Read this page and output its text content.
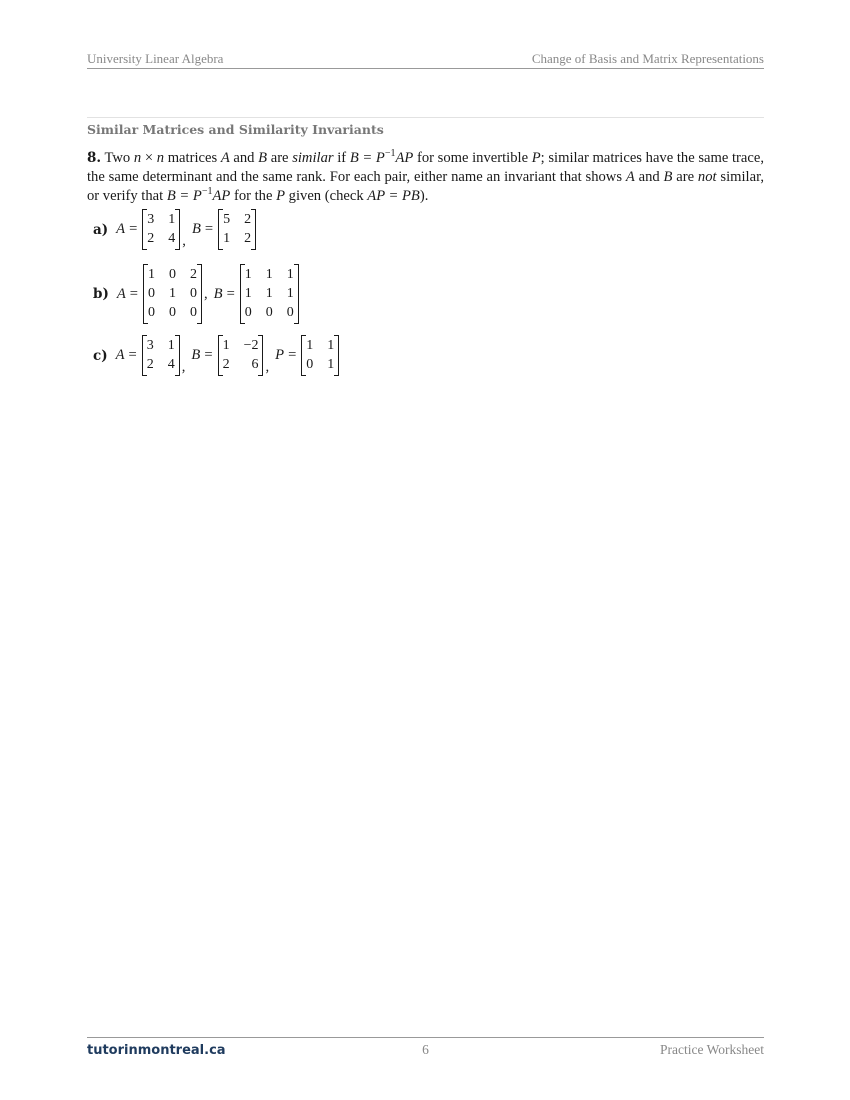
University Linear Algebra	Change of Basis and Matrix Representations
Similar Matrices and Similarity Invariants
8. Two n × n matrices A and B are similar if $B = P^{-1}AP$ for some invertible P; similar matrices have the same trace, the same determinant and the same rank. For each pair, either name an invariant that shows A and B are not similar, or verify that $B = P^{-1}AP$ for the P given (check AP = PB).
a) A =
3 1
2 4 ,
B =
5 2
1 2
b) A =
1 0 2
0 1 0
0 0 0
, B =
1 1 1
1 1 1
0 0 0
c) A =
3 1
2 4 ,
B =
1 −2
2	6 ,
P =
1 1
0 1
tutorinmontreal.ca	6	Practice Worksheet
